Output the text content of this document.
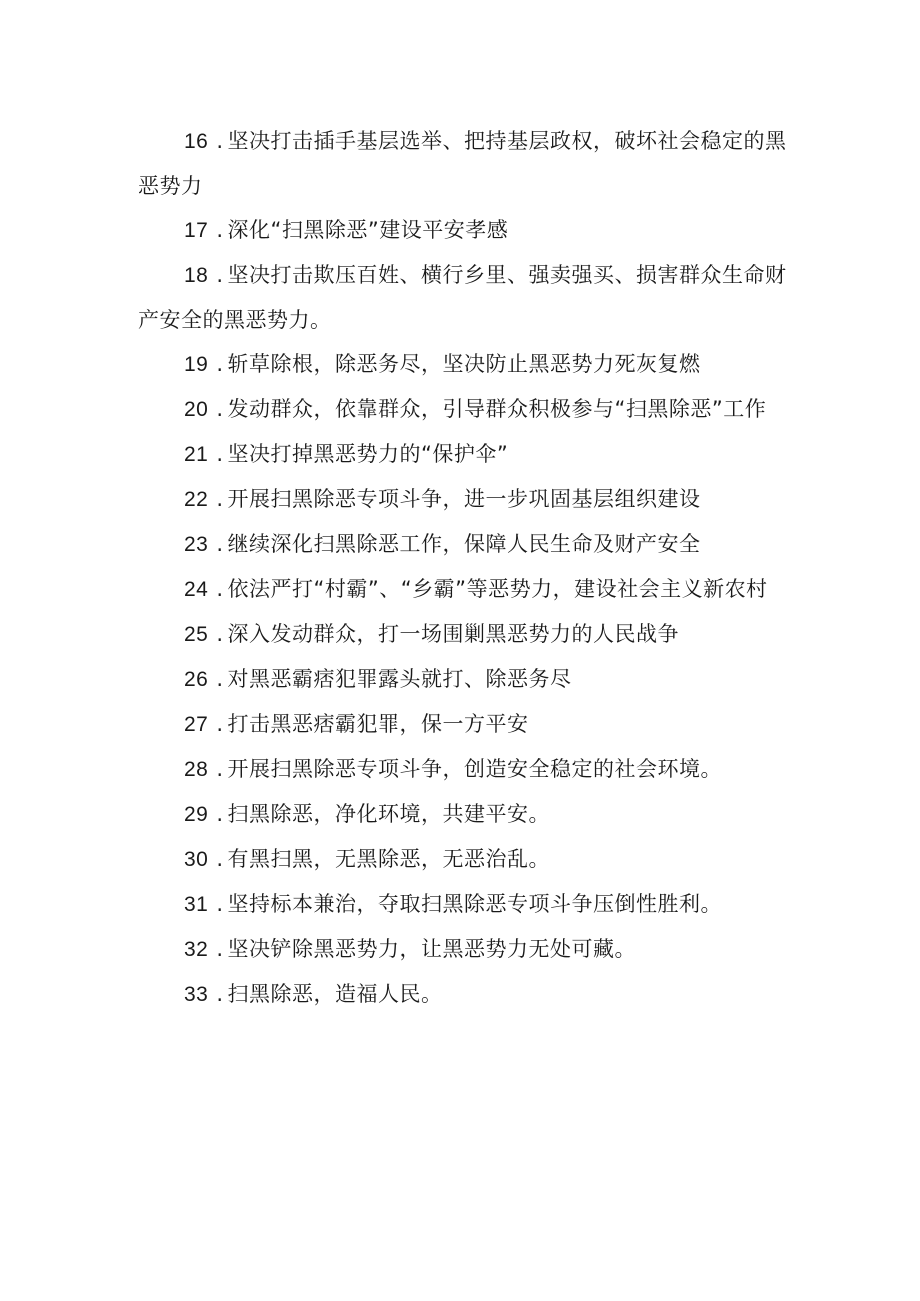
16 . 坚决打击插手基层选举、把持基层政权，破坏社会稳定的黑恶势力

17 . 深化“扫黑除恶”建设平安孝感

18 . 坚决打击欺压百姓、横行乡里、强卖强买、损害群众生命财产安全的黑恶势力。

19 . 斩草除根，除恶务尽，坚决防止黑恶势力死灰复燃

20 . 发动群众，依靠群众，引导群众积极参与“扫黑除恶”工作

21 . 坚决打掉黑恶势力的“保护伞”

22 . 开展扫黑除恶专项斗争，进一步巩固基层组织建设

23 . 继续深化扫黑除恶工作，保障人民生命及财产安全

24 . 依法严打“村霸”、“乡霸”等恶势力，建设社会主义新农村

25 . 深入发动群众，打一场围剿黑恶势力的人民战争

26 . 对黑恶霸痞犯罪露头就打、除恶务尽

27 . 打击黑恶痞霸犯罪，保一方平安

28 . 开展扫黑除恶专项斗争，创造安全稳定的社会环境。

29 . 扫黑除恶，净化环境，共建平安。

30 . 有黑扫黑，无黑除恶，无恶治乱。

31 . 坚持标本兼治，夺取扫黑除恶专项斗争压倒性胜利。

32 . 坚决铲除黑恶势力，让黑恶势力无处可藏。

33 . 扫黑除恶，造福人民。
